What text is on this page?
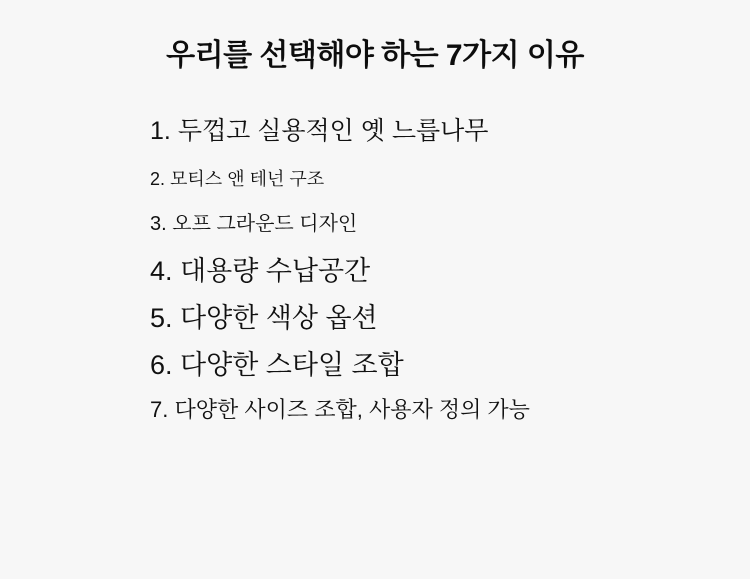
우리를 선택해야 하는 7가지 이유
1. 두껍고 실용적인 옛 느릅나무
2. 모티스 앤 테넌 구조
3. 오프 그라운드 디자인
4. 대용량 수납공간
5. 다양한 색상 옵션
6. 다양한 스타일 조합
7. 다양한 사이즈 조합, 사용자 정의 가능
